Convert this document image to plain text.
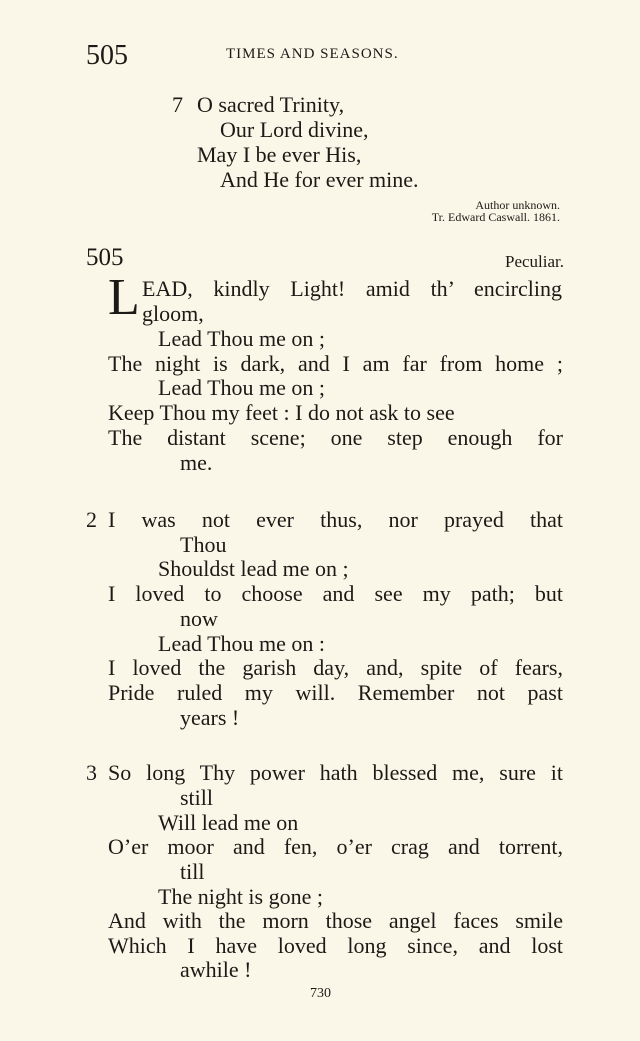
505	TIMES AND SEASONS.
7 O sacred Trinity,
Our Lord divine,
May I be ever His,
And He for ever mine.
Author unknown.
Tr. Edward Caswall. 1861.
505	Peculiar.
L EAD, kindly Light! amid th’ encircling
gloom,
Lead Thou me on ;
The night is dark, and I am far from home ;
Lead Thou me on ;
Keep Thou my feet : I do not ask to see
The distant scene; one step enough for
me.
2 I was not ever thus, nor prayed that
Thou
Shouldst lead me on ;
I loved to choose and see my path; but
now
Lead Thou me on :
I loved the garish day, and, spite of fears,
Pride ruled my will. Remember not past
years !
3 So long Thy power hath blessed me, sure it
still
Will lead me on
O’er moor and fen, o’er crag and torrent,
till
The night is gone ;
And with the morn those angel faces smile
Which I have loved long since, and lost
awhile !
730
